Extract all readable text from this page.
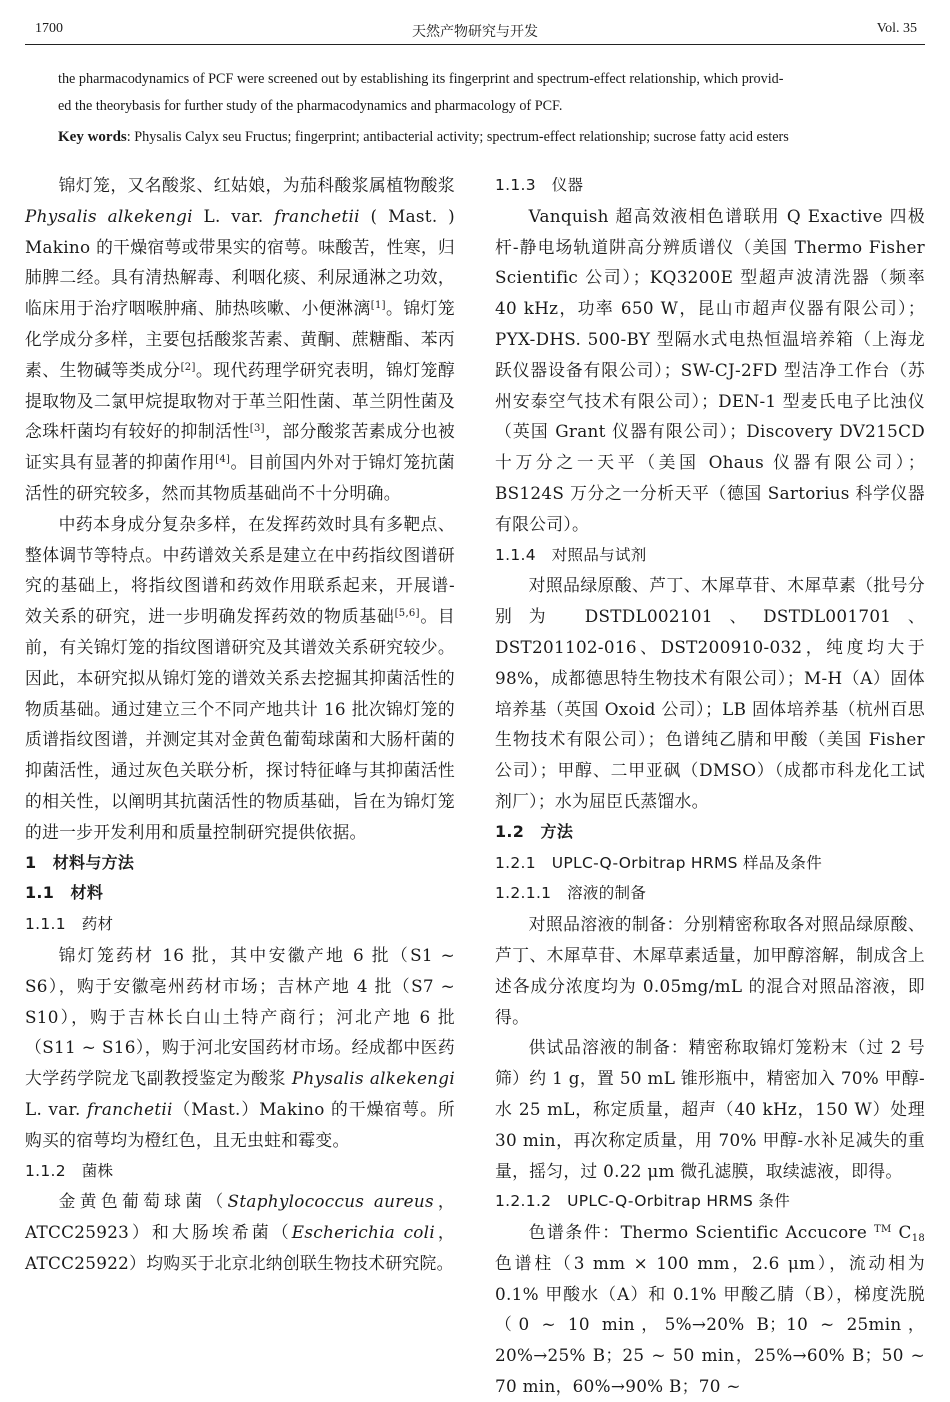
天然产物研究与开发
1700	Vol. 35

the pharmacodynamics of PCF were screened out by establishing its fingerprint and spectrum-effect relationship, which provid-

ed the theorybasis for further study of the pharmacodynamics and pharmacology of PCF.

Key words: Physalis Calyx seu Fructus; fingerprint; antibacterial activity; spectrum-effect relationship; sucrose fatty acid esters

锦灯笼，又名酸浆、红姑娘，为茄科酸浆属植物酸浆 Physalis alkekengi L. var. franchetii ( Mast. ) Makino 的干燥宿萼或带果实的宿萼。味酸苦，性寒，归肺脾二经。具有清热解毒、利咽化痰、利尿通淋之功效，临床用于治疗咽喉肿痛、肺热咳嗽、小便淋漓[1]。锦灯笼化学成分多样，主要包括酸浆苦素、黄酮、蔗糖酯、苯丙素、生物碱等类成分[2]。现代药理学研究表明，锦灯笼醇提取物及二氯甲烷提取物对于革兰阳性菌、革兰阴性菌及念珠杆菌均有较好的抑制活性[3]，部分酸浆苦素成分也被证实具有显著的抑菌作用[4]。目前国内外对于锦灯笼抗菌活性的研究较多，然而其物质基础尚不十分明确。

中药本身成分复杂多样，在发挥药效时具有多靶点、整体调节等特点。中药谱效关系是建立在中药指纹图谱研究的基础上，将指纹图谱和药效作用联系起来，开展谱-效关系的研究，进一步明确发挥药效的物质基础[5,6]。目前，有关锦灯笼的指纹图谱研究及其谱效关系研究较少。因此，本研究拟从锦灯笼的谱效关系去挖掘其抑菌活性的物质基础。通过建立三个不同产地共计 16 批次锦灯笼的质谱指纹图谱，并测定其对金黄色葡萄球菌和大肠杆菌的抑菌活性，通过灰色关联分析，探讨特征峰与其抑菌活性的相关性，以阐明其抗菌活性的物质基础，旨在为锦灯笼的进一步开发利用和质量控制研究提供依据。

1　材料与方法

1.1　材料

1.1.1　药材

锦灯笼药材 16 批，其中安徽产地 6 批（S1 ~ S6），购于安徽亳州药材市场；吉林产地 4 批（S7 ~ S10），购于吉林长白山土特产商行；河北产地 6 批（S11 ~ S16），购于河北安国药材市场。经成都中医药大学药学院龙飞副教授鉴定为酸浆 Physalis alkekengi L. var. franchetii（Mast.）Makino 的干燥宿萼。所购买的宿萼均为橙红色，且无虫蛀和霉变。

1.1.2　菌株

金黄色葡萄球菌（Staphylococcus aureus，ATCC25923）和大肠埃希菌（Escherichia coli，ATCC25922）均购买于北京北纳创联生物技术研究院。

1.1.3　仪器

Vanquish 超高效液相色谱联用 Q Exactive 四极杆-静电场轨道阱高分辨质谱仪（美国 Thermo Fisher Scientific 公司）；KQ3200E 型超声波清洗器（频率 40 kHz，功率 650 W，昆山市超声仪器有限公司）；PYX-DHS. 500-BY 型隔水式电热恒温培养箱（上海龙跃仪器设备有限公司）；SW-CJ-2FD 型洁净工作台（苏州安泰空气技术有限公司）；DEN-1 型麦氏电子比浊仪（英国 Grant 仪器有限公司）；Discovery DV215CD 十万分之一天平（美国 Ohaus 仪器有限公司）；BS124S 万分之一分析天平（德国 Sartorius 科学仪器有限公司）。

1.1.4　对照品与试剂

对照品绿原酸、芦丁、木犀草苷、木犀草素（批号分别为 DSTDL002101、DSTDL001701、DST201102-016、DST200910-032，纯度均大于 98%，成都德思特生物技术有限公司）；M-H（A）固体培养基（英国 Oxoid 公司）；LB 固体培养基（杭州百思生物技术有限公司）；色谱纯乙腈和甲酸（美国 Fisher 公司）；甲醇、二甲亚砜（DMSO）（成都市科龙化工试剂厂）；水为屈臣氏蒸馏水。

1.2　方法

1.2.1　UPLC-Q-Orbitrap HRMS 样品及条件

1.2.1.1　溶液的制备

对照品溶液的制备：分别精密称取各对照品绿原酸、芦丁、木犀草苷、木犀草素适量，加甲醇溶解，制成含上述各成分浓度均为 0.05mg/mL 的混合对照品溶液，即得。

供试品溶液的制备：精密称取锦灯笼粉末（过 2 号筛）约 1 g，置 50 mL 锥形瓶中，精密加入 70% 甲醇-水 25 mL，称定质量，超声（40 kHz，150 W）处理 30 min，再次称定质量，用 70% 甲醇-水补足减失的重量，摇匀，过 0.22 μm 微孔滤膜，取续滤液，即得。

1.2.1.2　UPLC-Q-Orbitrap HRMS 条件

色谱条件：Thermo Scientific Accucore ™ $C_{18}$ 色谱柱（3 mm × 100 mm，2.6 μm），流动相为 0.1% 甲酸水（A）和 0.1% 甲酸乙腈（B），梯度洗脱（0 ~ 10 min，5%→20% B；10 ~ 25min，20%→25% B；25 ~ 50 min，25%→60% B；50 ~ 70 min，60%→90% B；70 ~
